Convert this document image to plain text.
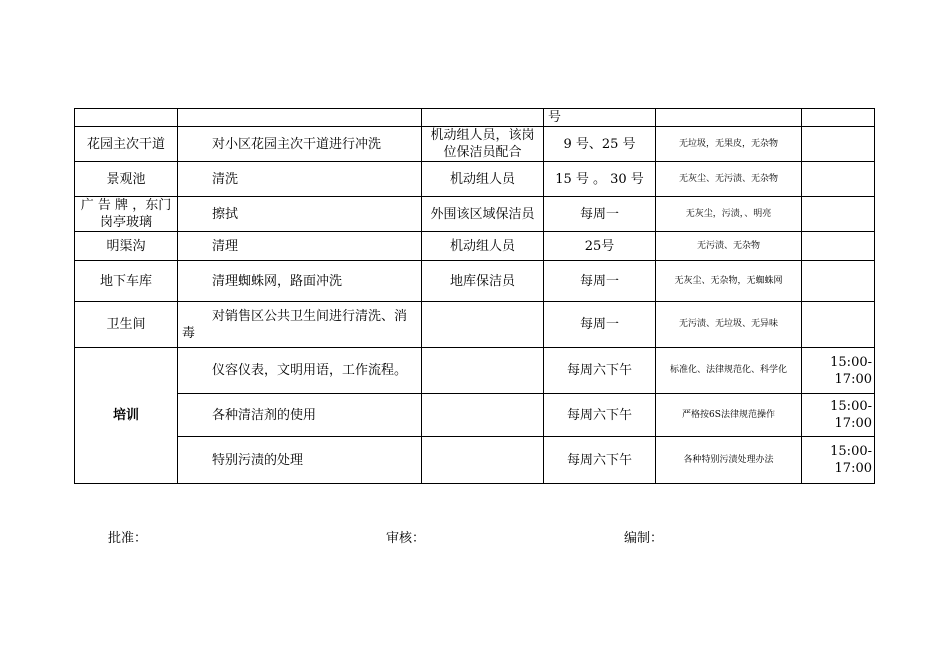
			号		
花园主次干道	对小区花园主次干道进行冲洗	机动组人员，该岗位保洁员配合	9 号、25 号	无垃圾，无果皮，无杂物	
景观池	清洗	机动组人员	15 号 。 30 号	无灰尘、无污渍、无杂物	
广 告 牌 ，东门岗亭玻璃	擦拭	外围该区域保洁员	每周一	无灰尘，污渍，、明亮	
明渠沟	清理	机动组人员	25号	无污渍、无杂物	
地下车库	清理蜘蛛网，路面冲洗	地库保洁员	每周一	无灰尘、无杂物，无蜘蛛网	
卫生间	对销售区公共卫生间进行清洗、消毒		每周一	无污渍、无垃圾、无异味	
培训	仪容仪表，文明用语，工作流程。		每周六下午	标准化、法律规范化、科学化	15:00-17:00
	各种清洁剂的使用		每周六下午	严格按6S法律规范操作	15:00-17:00
	特别污渍的处理		每周六下午	各种特别污渍处理办法	15:00-17:00
批准：	审核：	编制：
